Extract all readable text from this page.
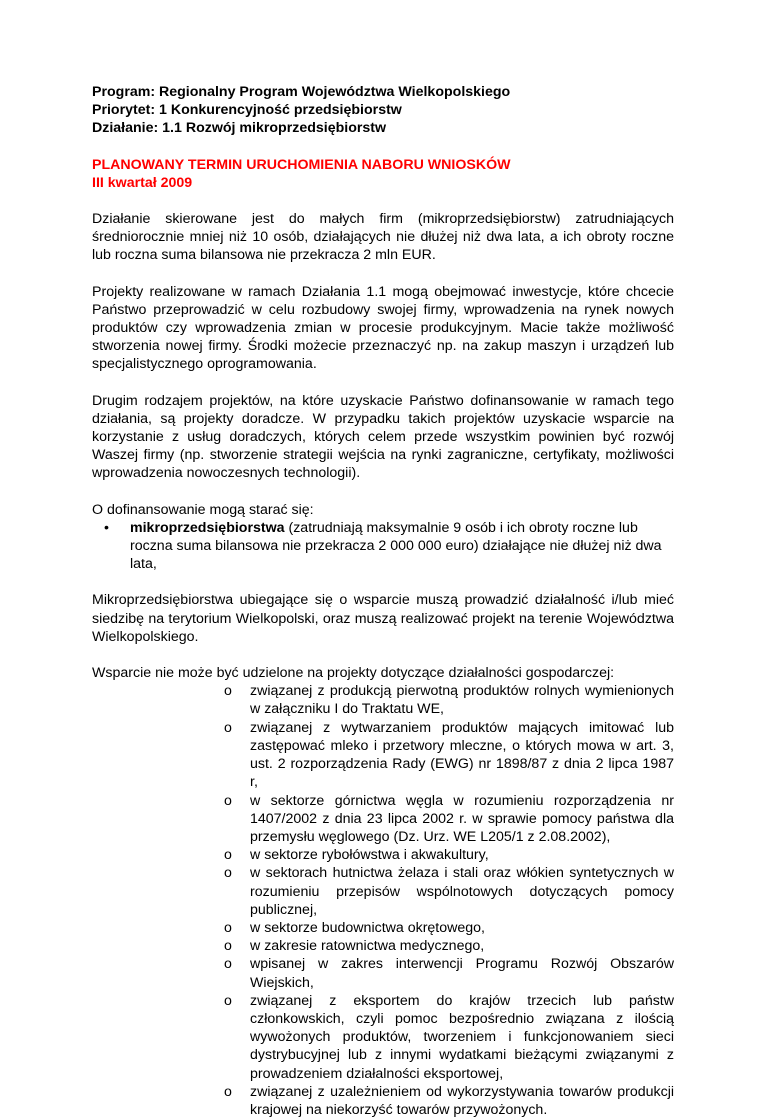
Program: Regionalny Program Województwa Wielkopolskiego

Priorytet: 1 Konkurencyjność przedsiębiorstw

Działanie: 1.1 Rozwój mikroprzedsiębiorstw

PLANOWANY TERMIN URUCHOMIENIA NABORU WNIOSKÓW
III kwartał 2009

Działanie skierowane jest do małych firm (mikroprzedsiębiorstw) zatrudniających średniorocznie mniej niż 10 osób, działających nie dłużej niż dwa lata, a ich obroty roczne lub roczna suma bilansowa nie przekracza 2 mln EUR.

Projekty realizowane w ramach Działania 1.1 mogą obejmować inwestycje, które chcecie Państwo przeprowadzić w celu rozbudowy swojej firmy, wprowadzenia na rynek nowych produktów czy wprowadzenia zmian w procesie produkcyjnym. Macie także możliwość stworzenia nowej firmy. Środki możecie przeznaczyć np. na zakup maszyn i urządzeń lub specjalistycznego oprogramowania.

Drugim rodzajem projektów, na które uzyskacie Państwo dofinansowanie w ramach tego działania, są projekty doradcze. W przypadku takich projektów uzyskacie wsparcie na korzystanie z usług doradczych, których celem przede wszystkim powinien być rozwój Waszej firmy (np. stworzenie strategii wejścia na rynki zagraniczne, certyfikaty, możliwości wprowadzenia nowoczesnych technologii).

O dofinansowanie mogą starać się:

• mikroprzedsiębiorstwa (zatrudniają maksymalnie 9 osób i ich obroty roczne lub roczna suma bilansowa nie przekracza 2 000 000 euro) działające nie dłużej niż dwa lata,

Mikroprzedsiębiorstwa ubiegające się o wsparcie muszą prowadzić działalność i/lub mieć siedzibę na terytorium Wielkopolski, oraz muszą realizować projekt na terenie Województwa Wielkopolskiego.

Wsparcie nie może być udzielone na projekty dotyczące działalności gospodarczej:

o związanej z produkcją pierwotną produktów rolnych wymienionych w załączniku I do Traktatu WE,
o związanej z wytwarzaniem produktów mających imitować lub zastępować mleko i przetwory mleczne, o których mowa w art. 3, ust. 2 rozporządzenia Rady (EWG) nr 1898/87 z dnia 2 lipca 1987 r,
o w sektorze górnictwa węgla w rozumieniu rozporządzenia nr 1407/2002 z dnia 23 lipca 2002 r. w sprawie pomocy państwa dla przemysłu węglowego (Dz. Urz. WE L205/1 z 2.08.2002),
o w sektorze rybołówstwa i akwakultury,
o w sektorach hutnictwa żelaza i stali oraz włókien syntetycznych w rozumieniu przepisów wspólnotowych dotyczących pomocy publicznej,
o w sektorze budownictwa okrętowego,
o w zakresie ratownictwa medycznego,
o wpisanej w zakres interwencji Programu Rozwój Obszarów Wiejskich,
o związanej z eksportem do krajów trzecich lub państw członkowskich, czyli pomoc bezpośrednio związana z ilością wywożonych produktów, tworzeniem i funkcjonowaniem sieci dystrybucyjnej lub z innymi wydatkami bieżącymi związanymi z prowadzeniem działalności eksportowej,
o związanej z uzależnieniem od wykorzystywania towarów produkcji krajowej na niekorzyść towarów przywożonych.
